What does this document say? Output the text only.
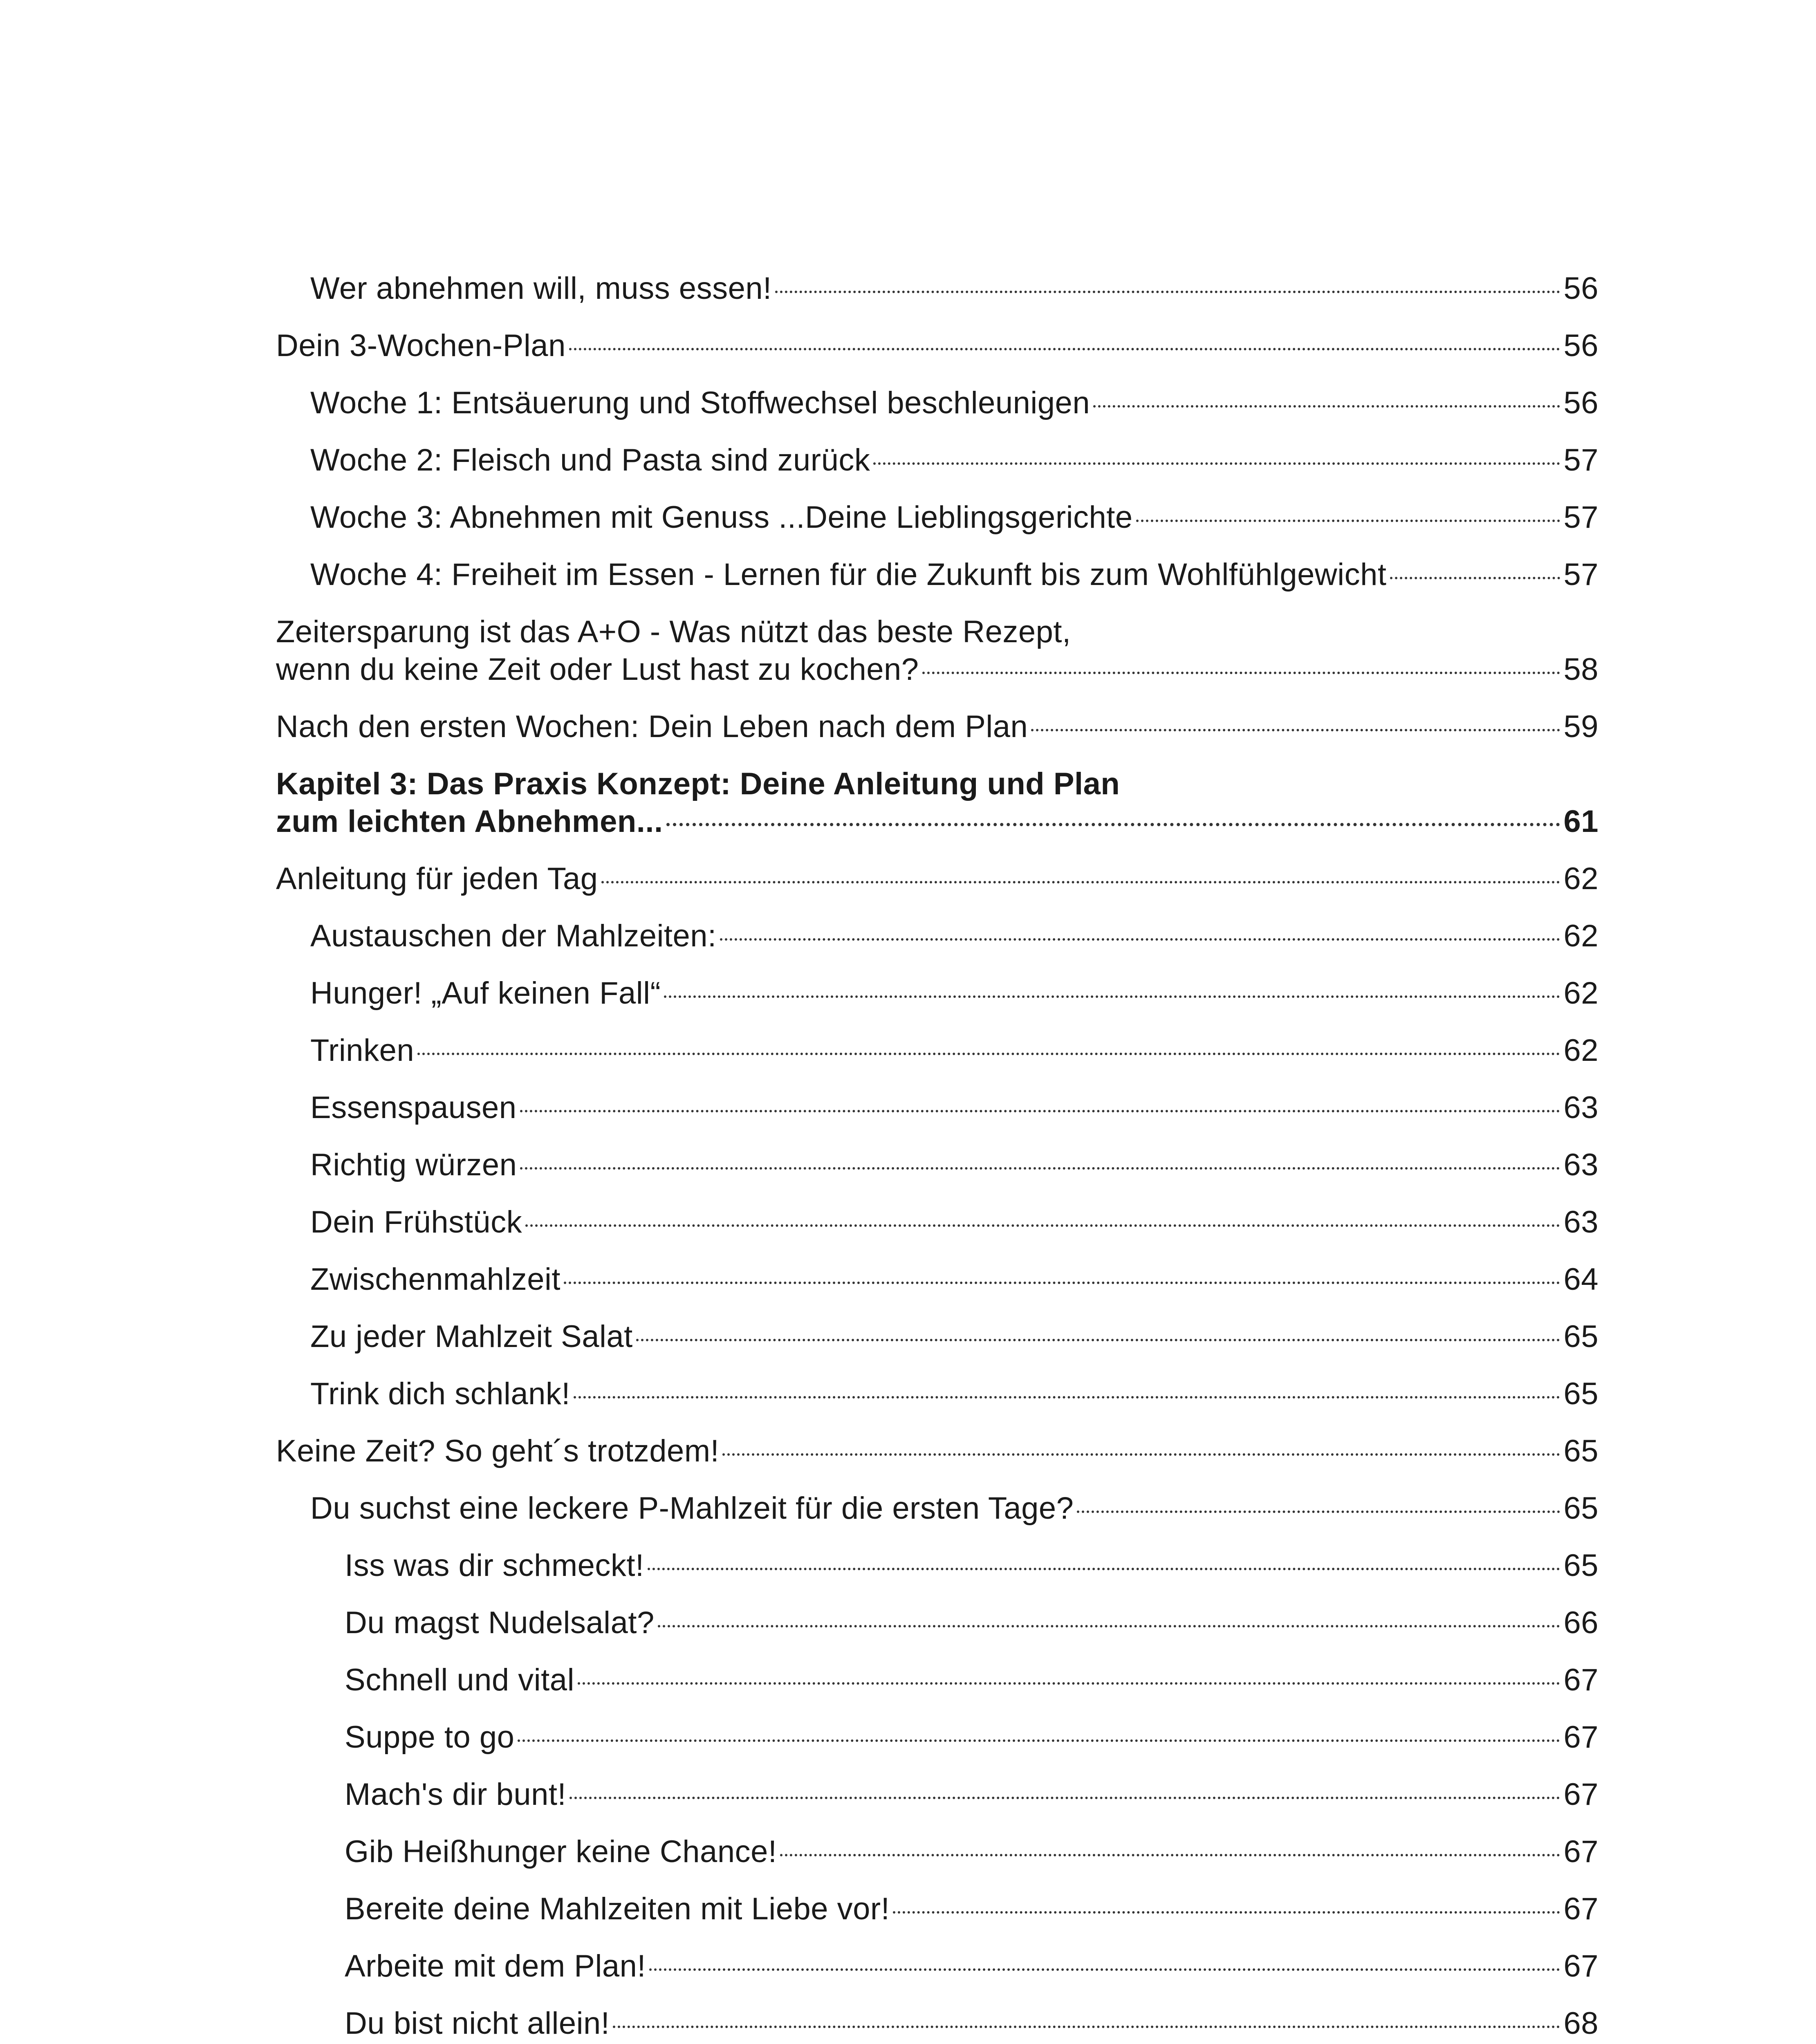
Wer abnehmen will, muss essen!	56
Dein 3-Wochen-Plan	56
Woche 1: Entsäuerung und Stoffwechsel beschleunigen	56
Woche 2: Fleisch und Pasta sind zurück	57
Woche 3: Abnehmen mit Genuss ...Deine Lieblingsgerichte	57
Woche 4: Freiheit im Essen - Lernen für die Zukunft bis zum Wohlfühlgewicht	57
Zeitersparung ist das A+O - Was nützt das beste Rezept,
wenn du keine Zeit oder Lust hast zu kochen?	58
Nach den ersten Wochen: Dein Leben nach dem Plan	59
Kapitel 3: Das Praxis Konzept: Deine Anleitung und Plan
zum leichten Abnehmen...	61
Anleitung für jeden Tag	62
Austauschen der Mahlzeiten:	62
Hunger! „Auf keinen Fall“	62
Trinken	62
Essenspausen	63
Richtig würzen	63
Dein Frühstück	63
Zwischenmahlzeit	64
Zu jeder Mahlzeit Salat	65
Trink dich schlank!	65
Keine Zeit? So geht´s trotzdem!	65
Du suchst eine leckere P-Mahlzeit für die ersten Tage?	65
Iss was dir schmeckt!	65
Du magst Nudelsalat?	66
Schnell und vital	67
Suppe to go	67
Mach's dir bunt!	67
Gib Heißhunger keine Chance!	67
Bereite deine Mahlzeiten mit Liebe vor!	67
Arbeite mit dem Plan!	67
Du bist nicht allein!	68
